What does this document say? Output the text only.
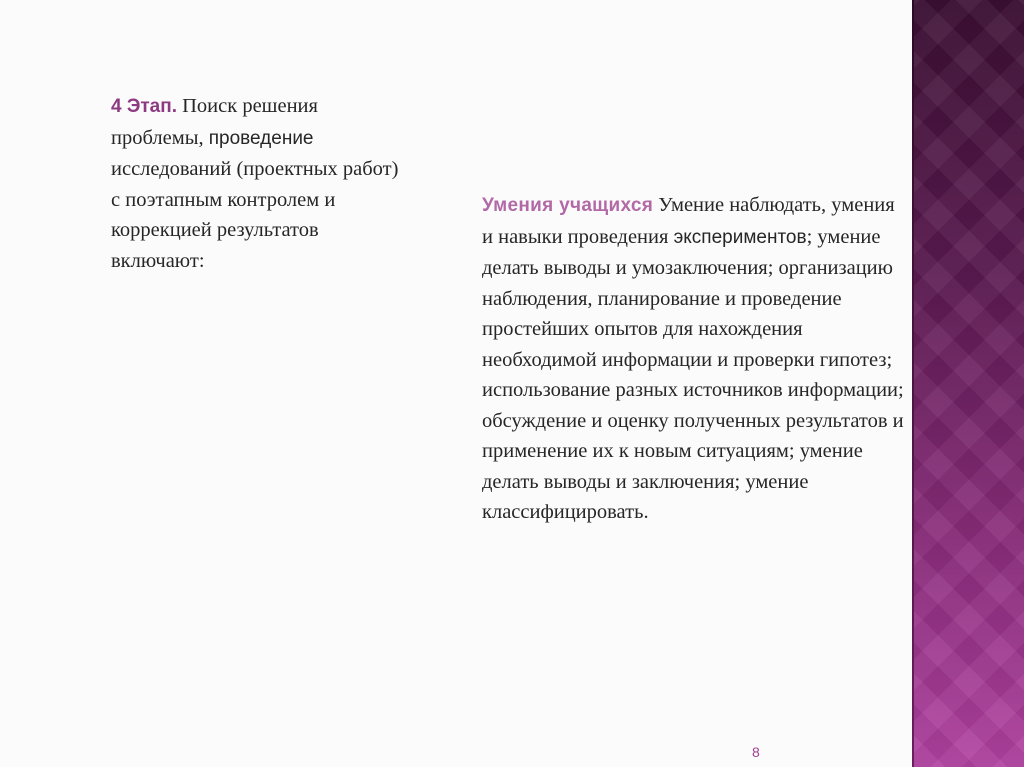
4 Этап. Поиск решения проблемы, проведение исследований (проектных работ) с поэтапным контролем и коррекцией результатов включают:
Умения учащихся Умение наблюдать, умения и навыки проведения экспериментов; умение делать выводы и умозаключения; организацию наблюдения, планирование и проведение простейших опытов для нахождения необходимой информации и проверки гипотез; использование разных источников информации; обсуждение и оценку полученных результатов и применение их к новым ситуациям; умение делать выводы и заключения; умение классифицировать.
8
